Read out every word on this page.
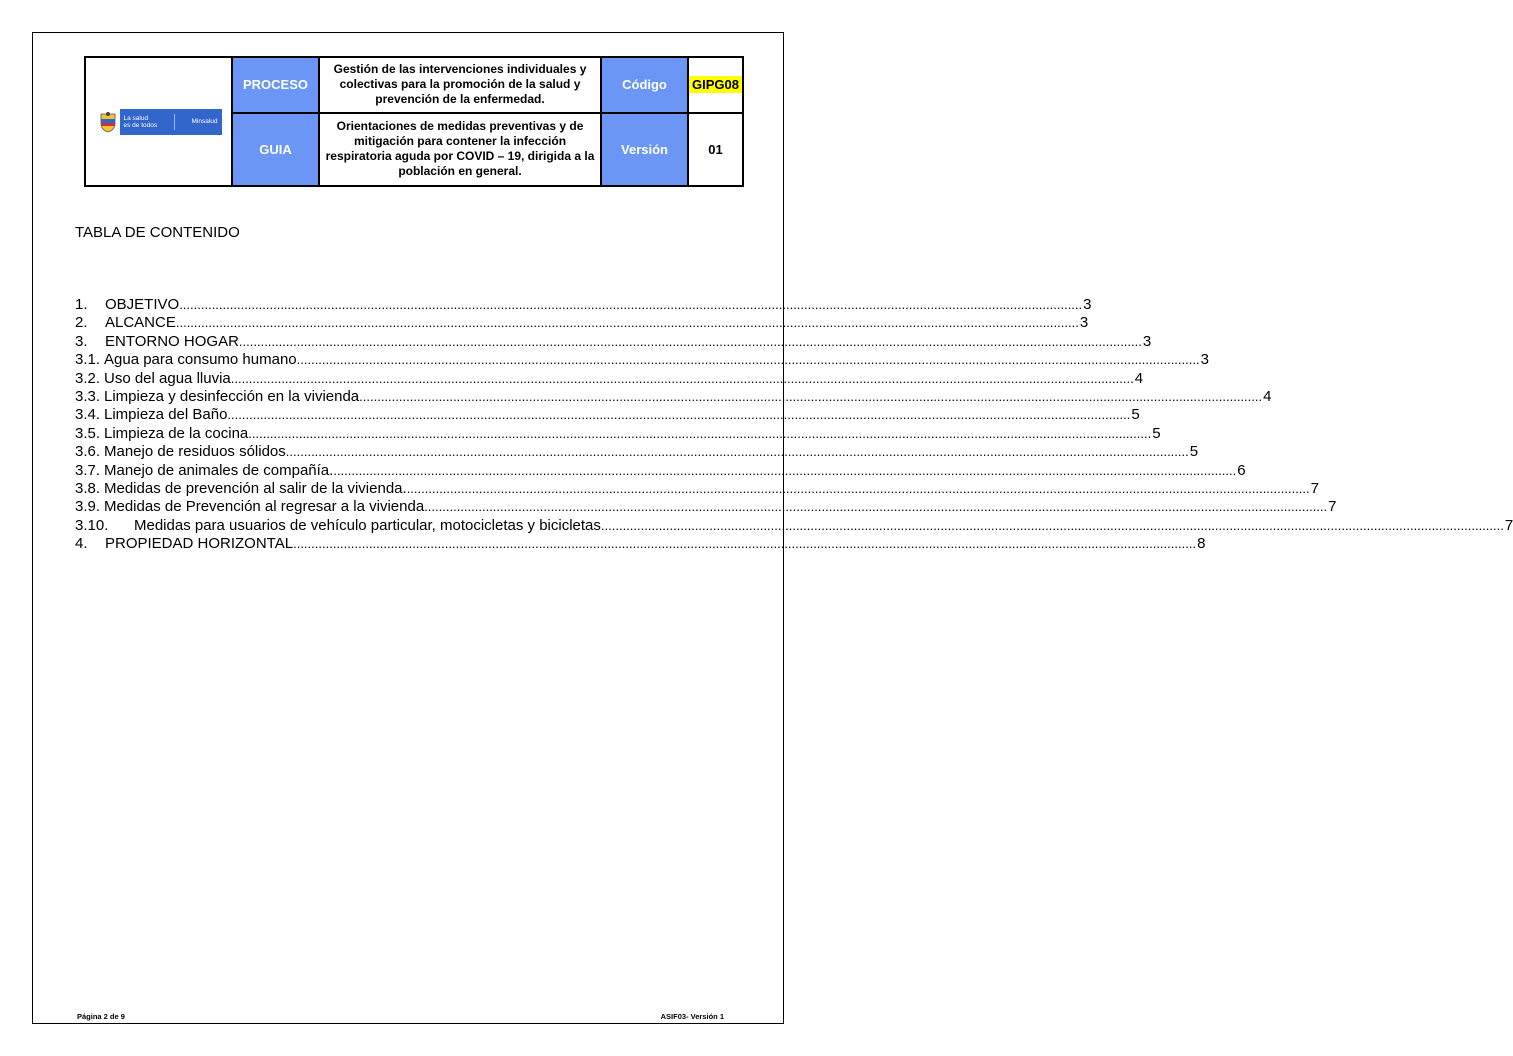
La salud
es de todos Minsalud	PROCESO	Gestión de las intervenciones individuales y colectivas para la promoción de la salud y prevención de la enfermedad.	Código	GIPG08
	GUIA	Orientaciones de medidas preventivas y de mitigación para contener la infección respiratoria aguda por COVID – 19, dirigida a la población en general.	Versión	01
TABLA DE CONTENIDO
1.	OBJETIVO .......................................................................................................................................................................................................................................................... 3
2.	ALCANCE .......................................................................................................................................................................................................................................................... 3
3.	ENTORNO HOGAR .......................................................................................................................................................................................................................................................... 3
3.1. Agua para consumo humano .......................................................................................................................................................................................................................................................... 3
3.2. Uso del agua lluvia .......................................................................................................................................................................................................................................................... 4
3.3. Limpieza y desinfección en la vivienda .......................................................................................................................................................................................................................................................... 4
3.4. Limpieza del Baño .......................................................................................................................................................................................................................................................... 5
3.5. Limpieza de la cocina .......................................................................................................................................................................................................................................................... 5
3.6. Manejo de residuos sólidos .......................................................................................................................................................................................................................................................... 5
3.7. Manejo de animales de compañía. .......................................................................................................................................................................................................................................................... 6
3.8. Medidas de prevención al salir de la vivienda. .......................................................................................................................................................................................................................................................... 7
3.9. Medidas de Prevención al regresar a la vivienda .......................................................................................................................................................................................................................................................... 7
3.10.	Medidas para usuarios de vehículo particular, motocicletas y bicicletas .......................................................................................................................................................................................................................................................... 7
4.	PROPIEDAD HORIZONTAL .......................................................................................................................................................................................................................................................... 8
Página 2 de 9	ASIF03- Versión 1
